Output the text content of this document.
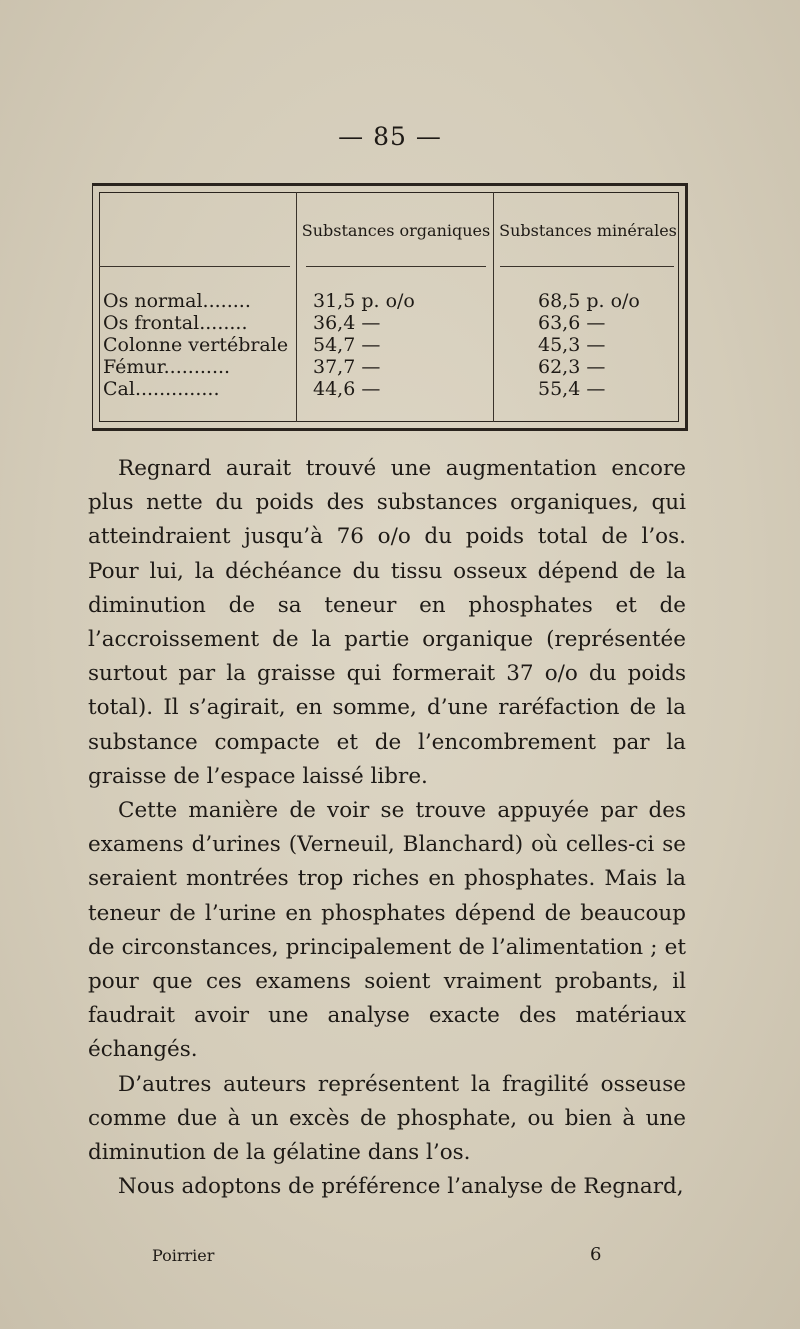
— 85 —
Substances organiques Substances minérales
Os normal........	31,5 p. o/o	68,5 p. o/o
Os frontal........	36,4 —	63,6 —
Colonne vertébrale 54,7 —	45,3 —
Fémur...........	37,7 —	62,3 —
Cal..............	44,6 —	55,4 —

Regnard aurait trouvé une augmentation encore plus nette du poids des substances organiques, qui atteindraient jusqu’à 76 o/o du poids total de l’os. Pour lui, la déchéance du tissu osseux dépend de la diminution de sa teneur en phosphates et de l’accroissement de la partie organique (représentée surtout par la graisse qui formerait 37 o/o du poids total). Il s’agirait, en somme, d’une raréfaction de la substance compacte et de l’encombrement par la graisse de l’espace laissé libre.

Cette manière de voir se trouve appuyée par des examens d’urines (Verneuil, Blanchard) où celles-ci se seraient montrées trop riches en phosphates. Mais la teneur de l’urine en phosphates dépend de beaucoup de circonstances, principalement de l’alimentation ; et pour que ces examens soient vraiment probants, il faudrait avoir une analyse exacte des matériaux échangés.

D’autres auteurs représentent la fragilité osseuse comme due à un excès de phosphate, ou bien à une diminution de la gélatine dans l’os.

Nous adoptons de préférence l’analyse de Regnard,

Poirrier	6
